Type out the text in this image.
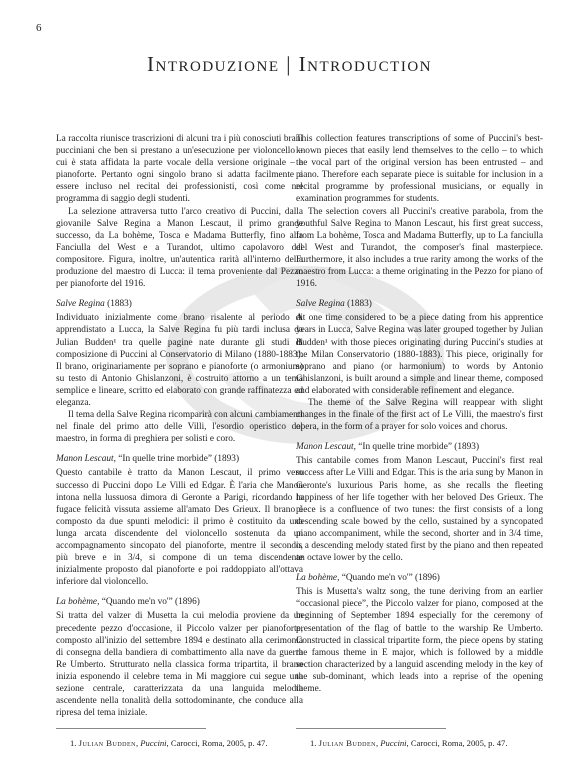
6
Introduzione | Introduction

La raccolta riunisce trascrizioni di alcuni tra i più conosciuti brani pucciniani che ben si prestano a un'esecuzione per violoncello – cui è stata affidata la parte vocale della versione originale – e pianoforte. Pertanto ogni singolo brano si adatta facilmente a essere incluso nel recital dei professionisti, così come nel programma di saggio degli studenti.

La selezione attraversa tutto l'arco creativo di Puccini, dalla giovanile Salve Regina a Manon Lescaut, il primo grande successo, da La bohème, Tosca e Madama Butterfly, fino alla Fanciulla del West e a Turandot, ultimo capolavoro del compositore. Figura, inoltre, un'autentica rarità all'interno della produzione del maestro di Lucca: il tema proveniente dal Pezzo per pianoforte del 1916.

Salve Regina (1883)

Individuato inizialmente come brano risalente al periodo di apprendistato a Lucca, la Salve Regina fu più tardi inclusa da Julian Budden¹ tra quelle pagine nate durante gli studi di composizione di Puccini al Conservatorio di Milano (1880-1883). Il brano, originariamente per soprano e pianoforte (o armonium) su testo di Antonio Ghislanzoni, è costruito attorno a un tema semplice e lineare, scritto ed elaborato con grande raffinatezza ed eleganza.

Il tema della Salve Regina ricomparirà con alcuni cambiamenti nel finale del primo atto delle Villi, l'esordio operistico del maestro, in forma di preghiera per solisti e coro.

Manon Lescaut, “In quelle trine morbide” (1893)

Questo cantabile è tratto da Manon Lescaut, il primo vero successo di Puccini dopo Le Villi ed Edgar. È l'aria che Manon intona nella lussuosa dimora di Geronte a Parigi, ricordando la fugace felicità vissuta assieme all'amato Des Grieux. Il brano è composto da due spunti melodici: il primo è costituito da una lunga arcata discendente del violoncello sostenuta da un accompagnamento sincopato del pianoforte, mentre il secondo, più breve e in 3/4, si compone di un tema discendente inizialmente proposto dal pianoforte e poi raddoppiato all'ottava inferiore dal violoncello.

La bohème, “Quando me'n vo'” (1896)

Si tratta del valzer di Musetta la cui melodia proviene da un precedente pezzo d'occasione, il Piccolo valzer per pianoforte, composto all'inizio del settembre 1894 e destinato alla cerimonia di consegna della bandiera di combattimento alla nave da guerra Re Umberto. Strutturato nella classica forma tripartita, il brano inizia esponendo il celebre tema in Mi maggiore cui segue una sezione centrale, caratterizzata da una languida melodia ascendente nella tonalità della sottodominante, che conduce alla ripresa del tema iniziale.

This collection features transcriptions of some of Puccini's best-known pieces that easily lend themselves to the cello – to which the vocal part of the original version has been entrusted – and piano. Therefore each separate piece is suitable for inclusion in a recital programme by professional musicians, or equally in examination programmes for students.

The selection covers all Puccini's creative parabola, from the youthful Salve Regina to Manon Lescaut, his first great success, from La bohème, Tosca and Madama Butterfly, up to La fanciulla del West and Turandot, the composer's final masterpiece. Furthermore, it also includes a true rarity among the works of the maestro from Lucca: a theme originating in the Pezzo for piano of 1916.

Salve Regina (1883)

At one time considered to be a piece dating from his apprentice years in Lucca, Salve Regina was later grouped together by Julian Budden¹ with those pieces originating during Puccini's studies at the Milan Conservatorio (1880-1883). This piece, originally for soprano and piano (or harmonium) to words by Antonio Ghislanzoni, is built around a simple and linear theme, composed and elaborated with considerable refinement and elegance.

The theme of the Salve Regina will reappear with slight changes in the finale of the first act of Le Villi, the maestro's first opera, in the form of a prayer for solo voices and chorus.

Manon Lescaut, “In quelle trine morbide” (1893)

This cantabile comes from Manon Lescaut, Puccini's first real success after Le Villi and Edgar. This is the aria sung by Manon in Geronte's luxurious Paris home, as she recalls the fleeting happiness of her life together with her beloved Des Grieux. The piece is a confluence of two tunes: the first consists of a long descending scale bowed by the cello, sustained by a syncopated piano accompaniment, while the second, shorter and in 3/4 time, is a descending melody stated first by the piano and then repeated an octave lower by the cello.

La bohème, “Quando me'n vo'” (1896)

This is Musetta's waltz song, the tune deriving from an earlier “occasional piece”, the Piccolo valzer for piano, composed at the beginning of September 1894 especially for the ceremony of presentation of the flag of battle to the warship Re Umberto. Constructed in classical tripartite form, the piece opens by stating the famous theme in E major, which is followed by a middle section characterized by a languid ascending melody in the key of the sub-dominant, which leads into a reprise of the opening theme.

1. Julian Budden, Puccini, Carocci, Roma, 2005, p. 47.	1. Julian Budden, Puccini, Carocci, Roma, 2005, p. 47.
